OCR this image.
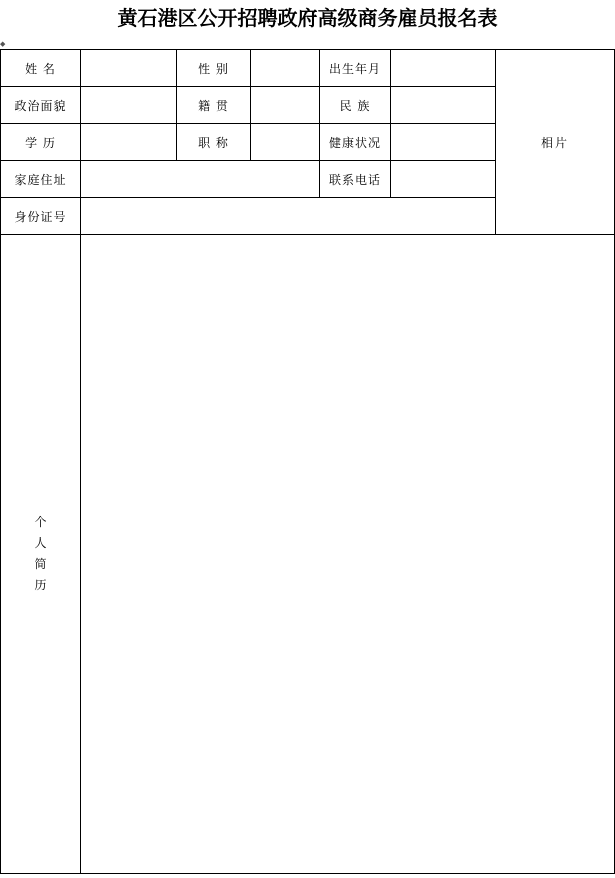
黄石港区公开招聘政府高级商务雇员报名表
◆
姓 名		性 别		出生年月		相片
政治面貌		籍 贯		民 族		
学 历		职 称		健康状况		
家庭住址				联系电话		
身份证号						
个人简历						
